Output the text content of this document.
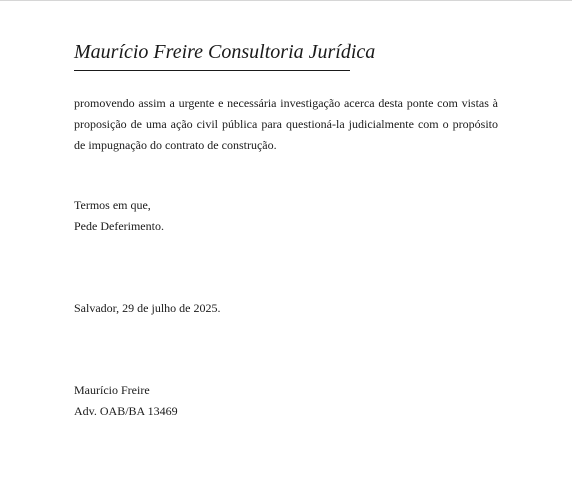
Maurício Freire Consultoria Jurídica

promovendo assim a urgente e necessária investigação acerca desta ponte com vistas à proposição de uma ação civil pública para questioná-la judicialmente com o propósito de impugnação do contrato de construção.

Termos em que,
Pede Deferimento.
Salvador, 29 de julho de 2025.
Maurício Freire
Adv. OAB/BA 13469
